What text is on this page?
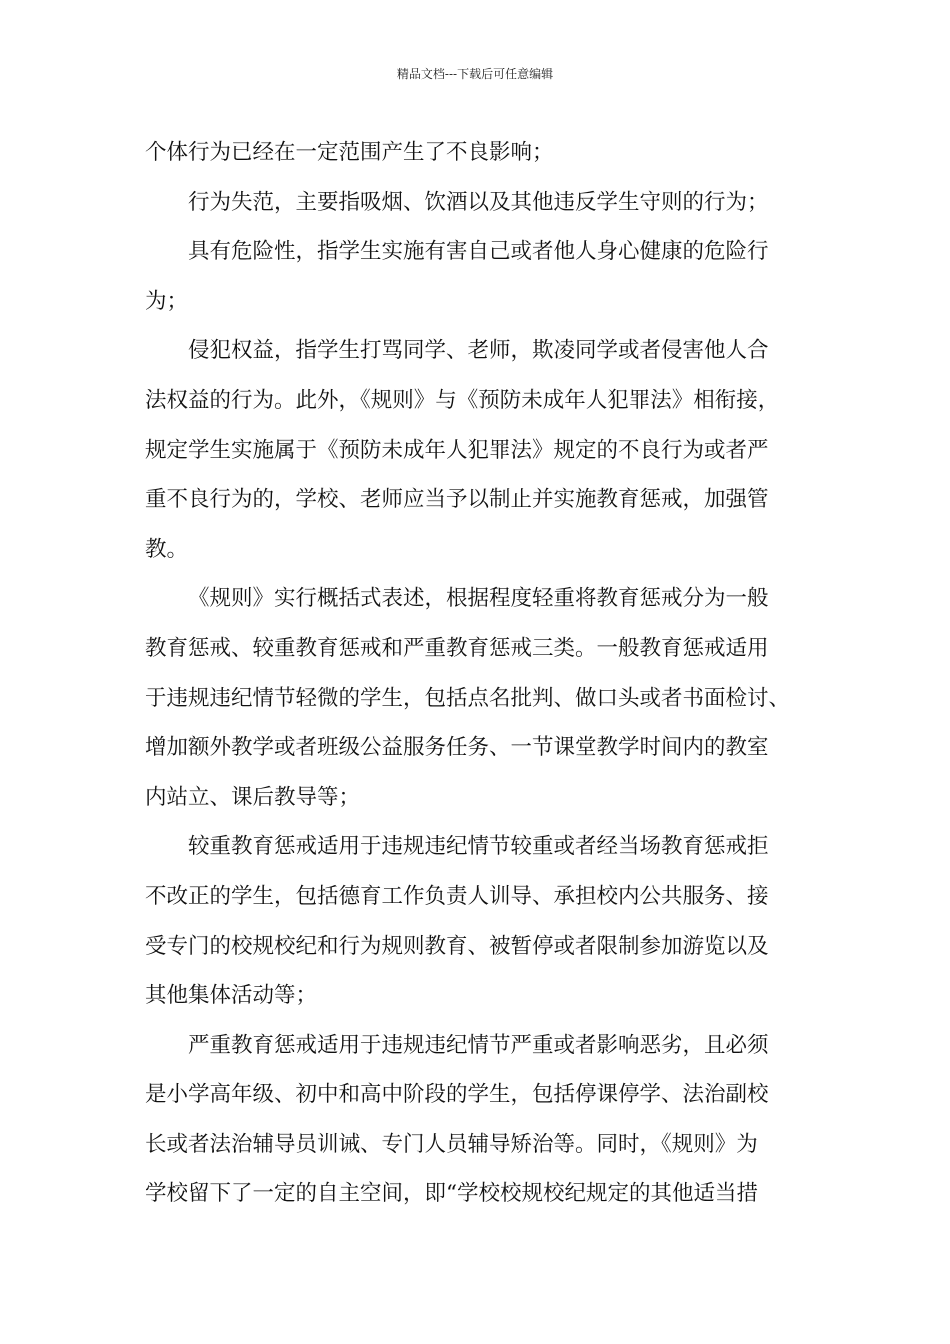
精品文档---下载后可任意编辑
个体行为已经在一定范围产生了不良影响；
行为失范，主要指吸烟、饮酒以及其他违反学生守则的行为；
具有危险性，指学生实施有害自己或者他人身心健康的危险行
为；
侵犯权益，指学生打骂同学、老师，欺凌同学或者侵害他人合
法权益的行为。此外，《规则》与《预防未成年人犯罪法》相衔接，
规定学生实施属于《预防未成年人犯罪法》规定的不良行为或者严
重不良行为的，学校、老师应当予以制止并实施教育惩戒，加强管
教。
《规则》实行概括式表述，根据程度轻重将教育惩戒分为一般
教育惩戒、较重教育惩戒和严重教育惩戒三类。一般教育惩戒适用
于违规违纪情节轻微的学生，包括点名批判、做口头或者书面检讨、
增加额外教学或者班级公益服务任务、一节课堂教学时间内的教室
内站立、课后教导等；
较重教育惩戒适用于违规违纪情节较重或者经当场教育惩戒拒
不改正的学生，包括德育工作负责人训导、承担校内公共服务、接
受专门的校规校纪和行为规则教育、被暂停或者限制参加游览以及
其他集体活动等；
严重教育惩戒适用于违规违纪情节严重或者影响恶劣，且必须
是小学高年级、初中和高中阶段的学生，包括停课停学、法治副校
长或者法治辅导员训诫、专门人员辅导矫治等。同时，《规则》为
学校留下了一定的自主空间，即“学校校规校纪规定的其他适当措
